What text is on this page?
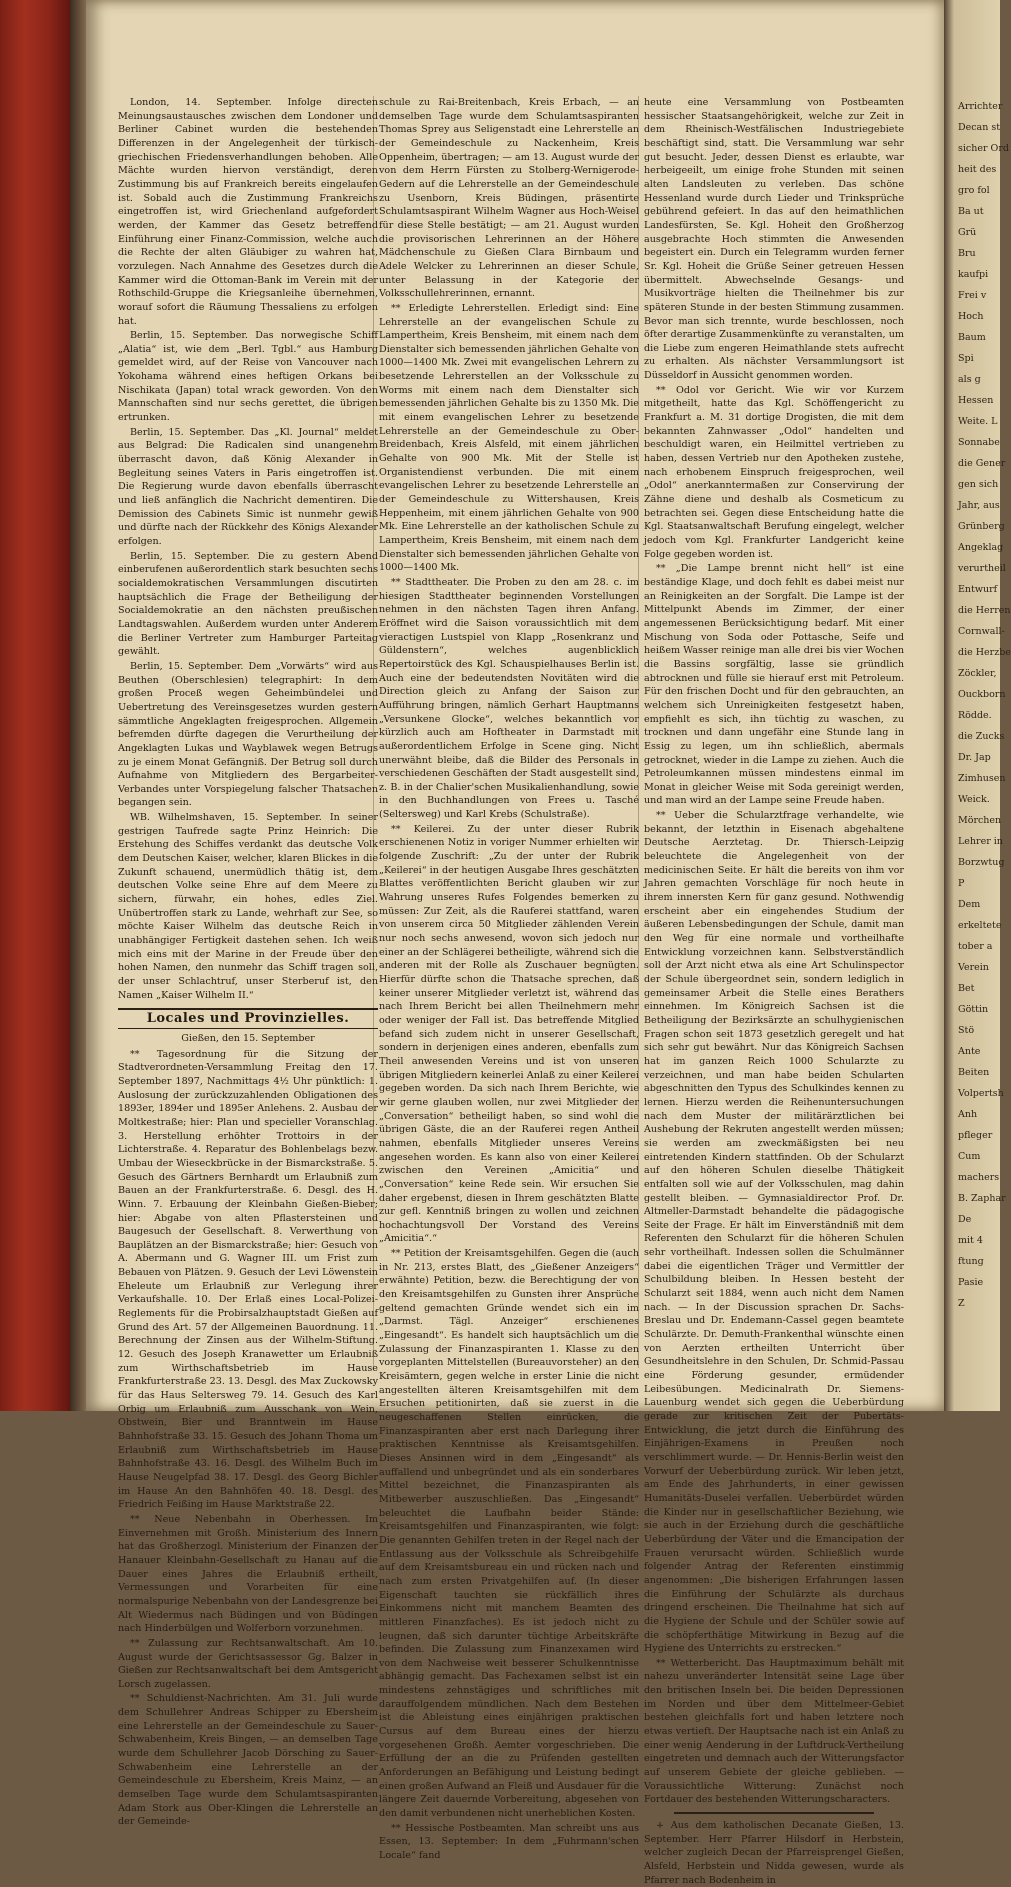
London, 14. September. Infolge directen Meinungsaustausches zwischen dem Londoner und Berliner Cabinet wurden die bestehenden Differenzen in der Angelegenheit der türkisch-griechischen Friedensverhandlungen behoben. Alle Mächte wurden hiervon verständigt, deren Zustimmung bis auf Frankreich bereits eingelaufen ist. Sobald auch die Zustimmung Frankreichs eingetroffen ist, wird Griechenland aufgefordert werden, der Kammer das Gesetz betreffend Einführung einer Finanz-Commission, welche auch die Rechte der alten Gläubiger zu wahren hat, vorzulegen. Nach Annahme des Gesetzes durch die Kammer wird die Ottoman-Bank im Verein mit der Rothschild-Gruppe die Kriegsanleihe übernehmen, worauf sofort die Räumung Thessaliens zu erfolgen hat.

Berlin, 15. September. Das norwegische Schiff „Alatia“ ist, wie dem „Berl. Tgbl.“ aus Hamburg gemeldet wird, auf der Reise von Vancouver nach Yokohama während eines heftigen Orkans bei Nischikata (Japan) total wrack geworden. Von den Mannschaften sind nur sechs gerettet, die übrigen ertrunken.

Berlin, 15. September. Das „Kl. Journal“ meldet aus Belgrad: Die Radicalen sind unangenehm überrascht davon, daß König Alexander in Begleitung seines Vaters in Paris eingetroffen ist. Die Regierung wurde davon ebenfalls überrascht und ließ anfänglich die Nachricht dementiren. Die Demission des Cabinets Simic ist nunmehr gewiß und dürfte nach der Rückkehr des Königs Alexander erfolgen.

Berlin, 15. September. Die zu gestern Abend einberufenen außerordentlich stark besuchten sechs socialdemokratischen Versammlungen discutirten hauptsächlich die Frage der Betheiligung der Socialdemokratie an den nächsten preußischen Landtagswahlen. Außerdem wurden unter Anderem die Berliner Vertreter zum Hamburger Parteitag gewählt.

Berlin, 15. September. Dem „Vorwärts“ wird aus Beuthen (Oberschlesien) telegraphirt: In dem großen Proceß wegen Geheimbündelei und Uebertretung des Vereinsgesetzes wurden gestern sämmtliche Angeklagten freigesprochen. Allgemein befremden dürfte dagegen die Verurtheilung der Angeklagten Lukas und Wayblawek wegen Betrugs zu je einem Monat Gefängniß. Der Betrug soll durch Aufnahme von Mitgliedern des Bergarbeiter-Verbandes unter Vorspiegelung falscher Thatsachen begangen sein.

WB. Wilhelmshaven, 15. September. In seiner gestrigen Taufrede sagte Prinz Heinrich: Die Erstehung des Schiffes verdankt das deutsche Volk dem Deutschen Kaiser, welcher, klaren Blickes in die Zukunft schauend, unermüdlich thätig ist, dem deutschen Volke seine Ehre auf dem Meere zu sichern, fürwahr, ein hohes, edles Ziel. Unübertroffen stark zu Lande, wehrhaft zur See, so möchte Kaiser Wilhelm das deutsche Reich in unabhängiger Fertigkeit dastehen sehen. Ich weiß mich eins mit der Marine in der Freude über den hohen Namen, den nunmehr das Schiff tragen soll, der unser Schlachtruf, unser Sterberuf ist, den Namen „Kaiser Wilhelm II.“

Locales und Provinzielles.
Gießen, den 15. September

** Tagesordnung für die Sitzung der Stadtverordneten-Versammlung Freitag den 17. September 1897, Nachmittags 4½ Uhr pünktlich: 1. Auslosung der zurückzuzahlenden Obligationen des 1893er, 1894er und 1895er Anlehens. 2. Ausbau der Moltkestraße; hier: Plan und specieller Voranschlag. 3. Herstellung erhöhter Trottoirs in der Lichterstraße. 4. Reparatur des Bohlenbelags bezw. Umbau der Wieseckbrücke in der Bismarckstraße. 5. Gesuch des Gärtners Bernhardt um Erlaubniß zum Bauen an der Frankfurterstraße. 6. Desgl. des H. Winn. 7. Erbauung der Kleinbahn Gießen-Bieber; hier: Abgabe von alten Pflastersteinen und Baugesuch der Gesellschaft. 8. Verwerthung von Bauplätzen an der Bismarckstraße; hier: Gesuch von A. Abermann und G. Wagner III. um Frist zum Bebauen von Plätzen. 9. Gesuch der Levi Löwenstein Eheleute um Erlaubniß zur Verlegung ihrer Verkaufshalle. 10. Der Erlaß eines Local-Polizei-Reglements für die Probirsalzhauptstadt Gießen auf Grund des Art. 57 der Allgemeinen Bauordnung. 11. Berechnung der Zinsen aus der Wilhelm-Stiftung. 12. Gesuch des Joseph Kranawetter um Erlaubniß zum Wirthschaftsbetrieb im Hause Frankfurterstraße 23. 13. Desgl. des Max Zuckowsky für das Haus Seltersweg 79. 14. Gesuch des Karl Orbig um Erlaubniß zum Ausschank von Wein, Obstwein, Bier und Branntwein im Hause Bahnhofstraße 33. 15. Gesuch des Johann Thoma um Erlaubniß zum Wirthschaftsbetrieb im Hause Bahnhofstraße 43. 16. Desgl. des Wilhelm Buch im Hause Neugelpfad 38. 17. Desgl. des Georg Bichler im Hause An den Bahnhöfen 40. 18. Desgl. des Friedrich Feißing im Hause Marktstraße 22.

** Neue Nebenbahn in Oberhessen. Im Einvernehmen mit Großh. Ministerium des Innern hat das Großherzogl. Ministerium der Finanzen der Hanauer Kleinbahn-Gesellschaft zu Hanau auf die Dauer eines Jahres die Erlaubniß ertheilt, Vermessungen und Vorarbeiten für eine normalspurige Nebenbahn von der Landesgrenze bei Alt Wiedermus nach Büdingen und von Büdingen nach Hinderbülgen und Wolferborn vorzunehmen.

** Zulassung zur Rechtsanwaltschaft. Am 10. August wurde der Gerichtsassessor Gg. Balzer in Gießen zur Rechtsanwaltschaft bei dem Amtsgericht Lorsch zugelassen.

** Schuldienst-Nachrichten. Am 31. Juli wurde dem Schullehrer Andreas Schipper zu Ebersheim eine Lehrerstelle an der Gemeindeschule zu Sauer-Schwabenheim, Kreis Bingen, — an demselben Tage wurde dem Schullehrer Jacob Dörsching zu Sauer-Schwabenheim eine Lehrerstelle an der Gemeindeschule zu Ebersheim, Kreis Mainz, — an demselben Tage wurde dem Schulamtsaspiranten Adam Stork aus Ober-Klingen die Lehrerstelle an der Gemeinde-

schule zu Rai-Breitenbach, Kreis Erbach, — an demselben Tage wurde dem Schulamtsaspiranten Thomas Sprey aus Seligenstadt eine Lehrerstelle an der Gemeindeschule zu Nackenheim, Kreis Oppenheim, übertragen; — am 13. August wurde der von dem Herrn Fürsten zu Stolberg-Wernigerode-Gedern auf die Lehrerstelle an der Gemeindeschule zu Usenborn, Kreis Büdingen, präsentirte Schulamtsaspirant Wilhelm Wagner aus Hoch-Weisel für diese Stelle bestätigt; — am 21. August wurden die provisorischen Lehrerinnen an der Höhere Mädchenschule zu Gießen Clara Birnbaum und Adele Welcker zu Lehrerinnen an dieser Schule, unter Belassung in der Kategorie der Volksschullehrerinnen, ernannt.

** Erledigte Lehrerstellen. Erledigt sind: Eine Lehrerstelle an der evangelischen Schule zu Lampertheim, Kreis Bensheim, mit einem nach dem Dienstalter sich bemessenden jährlichen Gehalte von 1000—1400 Mk. Zwei mit evangelischen Lehrern zu besetzende Lehrerstellen an der Volksschule zu Worms mit einem nach dem Dienstalter sich bemessenden jährlichen Gehalte bis zu 1350 Mk. Die mit einem evangelischen Lehrer zu besetzende Lehrerstelle an der Gemeindeschule zu Ober-Breidenbach, Kreis Alsfeld, mit einem jährlichen Gehalte von 900 Mk. Mit der Stelle ist Organistendienst verbunden. Die mit einem evangelischen Lehrer zu besetzende Lehrerstelle an der Gemeindeschule zu Wittershausen, Kreis Heppenheim, mit einem jährlichen Gehalte von 900 Mk. Eine Lehrerstelle an der katholischen Schule zu Lampertheim, Kreis Bensheim, mit einem nach dem Dienstalter sich bemessenden jährlichen Gehalte von 1000—1400 Mk.

** Stadttheater. Die Proben zu den am 28. c. im hiesigen Stadttheater beginnenden Vorstellungen nehmen in den nächsten Tagen ihren Anfang. Eröffnet wird die Saison voraussichtlich mit dem vieractigen Lustspiel von Klapp „Rosenkranz und Güldenstern“, welches augenblicklich Repertoirstück des Kgl. Schauspielhauses Berlin ist. Auch eine der bedeutendsten Novitäten wird die Direction gleich zu Anfang der Saison zur Aufführung bringen, nämlich Gerhart Hauptmanns „Versunkene Glocke“, welches bekanntlich vor kürzlich auch am Hoftheater in Darmstadt mit außerordentlichem Erfolge in Scene ging. Nicht unerwähnt bleibe, daß die Bilder des Personals in verschiedenen Geschäften der Stadt ausgestellt sind, z. B. in der Chalier'schen Musikalienhandlung, sowie in den Buchhandlungen von Frees u. Tasché (Seltersweg) und Karl Krebs (Schulstraße).

** Keilerei. Zu der unter dieser Rubrik erschienenen Notiz in voriger Nummer erhielten wir folgende Zuschrift: „Zu der unter der Rubrik „Keilerei“ in der heutigen Ausgabe Ihres geschätzten Blattes veröffentlichten Bericht glauben wir zur Wahrung unseres Rufes Folgendes bemerken zu müssen: Zur Zeit, als die Rauferei stattfand, waren von unserem circa 50 Mitglieder zählenden Verein nur noch sechs anwesend, wovon sich jedoch nur einer an der Schlägerei betheiligte, während sich die anderen mit der Rolle als Zuschauer begnügten. Hierfür dürfte schon die Thatsache sprechen, daß keiner unserer Mitglieder verletzt ist, während das nach Ihrem Bericht bei allen Theilnehmern mehr oder weniger der Fall ist. Das betreffende Mitglied befand sich zudem nicht in unserer Gesellschaft, sondern in derjenigen eines anderen, ebenfalls zum Theil anwesenden Vereins und ist von unseren übrigen Mitgliedern keinerlei Anlaß zu einer Keilerei gegeben worden. Da sich nach Ihrem Berichte, wie wir gerne glauben wollen, nur zwei Mitglieder der „Conversation“ betheiligt haben, so sind wohl die übrigen Gäste, die an der Rauferei regen Antheil nahmen, ebenfalls Mitglieder unseres Vereins angesehen worden. Es kann also von einer Keilerei zwischen den Vereinen „Amicitia“ und „Conversation“ keine Rede sein. Wir ersuchen Sie daher ergebenst, diesen in Ihrem geschätzten Blatte zur gefl. Kenntniß bringen zu wollen und zeichnen hochachtungsvoll Der Vorstand des Vereins „Amicitia“.“

** Petition der Kreisamtsgehilfen. Gegen die (auch in Nr. 213, erstes Blatt, des „Gießener Anzeigers“ erwähnte) Petition, bezw. die Berechtigung der von den Kreisamtsgehilfen zu Gunsten ihrer Ansprüche geltend gemachten Gründe wendet sich ein im „Darmst. Tägl. Anzeiger“ erschienenes „Eingesandt“. Es handelt sich hauptsächlich um die Zulassung der Finanzaspiranten 1. Klasse zu den vorgeplanten Mittelstellen (Bureauvorsteher) an den Kreisämtern, gegen welche in erster Linie die nicht angestellten älteren Kreisamtsgehilfen mit dem Ersuchen petitionirten, daß sie zuerst in die neugeschaffenen Stellen einrücken, die Finanzaspiranten aber erst nach Darlegung ihrer praktischen Kenntnisse als Kreisamtsgehilfen. Dieses Ansinnen wird in dem „Eingesandt“ als auffallend und unbegründet und als ein sonderbares Mittel bezeichnet, die Finanzaspiranten als Mitbewerber auszuschließen. Das „Eingesandt“ beleuchtet die Laufbahn beider Stände: Kreisamtsgehilfen und Finanzaspiranten, wie folgt: Die genannten Gehilfen treten in der Regel nach der Entlassung aus der Volksschule als Schreibgehilfe auf dem Kreisamtsbureau ein und rücken nach und nach zum ersten Privatgehilfen auf. (In dieser Eigenschaft tauchten sie rückfällich ihres Einkommens nicht mit manchem Beamten des mittleren Finanzfaches). Es ist jedoch nicht zu leugnen, daß sich darunter tüchtige Arbeitskräfte befinden. Die Zulassung zum Finanzexamen wird von dem Nachweise weit besserer Schulkenntnisse abhängig gemacht. Das Fachexamen selbst ist ein mindestens zehnstägiges und schriftliches mit darauffolgendem mündlichen. Nach dem Bestehen ist die Ableistung eines einjährigen praktischen Cursus auf dem Bureau eines der hierzu vorgesehenen Großh. Aemter vorgeschrieben. Die Erfüllung der an die zu Prüfenden gestellten Anforderungen an Befähigung und Leistung bedingt einen großen Aufwand an Fleiß und Ausdauer für die längere Zeit dauernde Vorbereitung, abgesehen von den damit verbundenen nicht unerheblichen Kosten.

** Hessische Postbeamten. Man schreibt uns aus Essen, 13. September: In dem „Fuhrmann'schen Locale“ fand

heute eine Versammlung von Postbeamten hessischer Staatsangehörigkeit, welche zur Zeit in dem Rheinisch-Westfälischen Industriegebiete beschäftigt sind, statt. Die Versammlung war sehr gut besucht. Jeder, dessen Dienst es erlaubte, war herbeigeeilt, um einige frohe Stunden mit seinen alten Landsleuten zu verleben. Das schöne Hessenland wurde durch Lieder und Trinksprüche gebührend gefeiert. In das auf den heimathlichen Landesfürsten, Se. Kgl. Hoheit den Großherzog ausgebrachte Hoch stimmten die Anwesenden begeistert ein. Durch ein Telegramm wurden ferner Sr. Kgl. Hoheit die Grüße Seiner getreuen Hessen übermittelt. Abwechselnde Gesangs- und Musikvorträge hielten die Theilnehmer bis zur späteren Stunde in der besten Stimmung zusammen. Bevor man sich trennte, wurde beschlossen, noch öfter derartige Zusammenkünfte zu veranstalten, um die Liebe zum engeren Heimathlande stets aufrecht zu erhalten. Als nächster Versammlungsort ist Düsseldorf in Aussicht genommen worden.

** Odol vor Gericht. Wie wir vor Kurzem mitgetheilt, hatte das Kgl. Schöffengericht zu Frankfurt a. M. 31 dortige Drogisten, die mit dem bekannten Zahnwasser „Odol“ handelten und beschuldigt waren, ein Heilmittel vertrieben zu haben, dessen Vertrieb nur den Apotheken zustehe, nach erhobenem Einspruch freigesprochen, weil „Odol“ anerkanntermaßen zur Conservirung der Zähne diene und deshalb als Cosmeticum zu betrachten sei. Gegen diese Entscheidung hatte die Kgl. Staatsanwaltschaft Berufung eingelegt, welcher jedoch vom Kgl. Frankfurter Landgericht keine Folge gegeben worden ist.

** „Die Lampe brennt nicht hell“ ist eine beständige Klage, und doch fehlt es dabei meist nur an Reinigkeiten an der Sorgfalt. Die Lampe ist der Mittelpunkt Abends im Zimmer, der einer angemessenen Berücksichtigung bedarf. Mit einer Mischung von Soda oder Pottasche, Seife und heißem Wasser reinige man alle drei bis vier Wochen die Bassins sorgfältig, lasse sie gründlich abtrocknen und fülle sie hierauf erst mit Petroleum. Für den frischen Docht und für den gebrauchten, an welchem sich Unreinigkeiten festgesetzt haben, empfiehlt es sich, ihn tüchtig zu waschen, zu trocknen und dann ungefähr eine Stunde lang in Essig zu legen, um ihn schließlich, abermals getrocknet, wieder in die Lampe zu ziehen. Auch die Petroleumkannen müssen mindestens einmal im Monat in gleicher Weise mit Soda gereinigt werden, und man wird an der Lampe seine Freude haben.

** Ueber die Schularztfrage verhandelte, wie bekannt, der letzthin in Eisenach abgehaltene Deutsche Aerztetag. Dr. Thiersch-Leipzig beleuchtete die Angelegenheit von der medicinischen Seite. Er hält die bereits von ihm vor Jahren gemachten Vorschläge für noch heute in ihrem innersten Kern für ganz gesund. Nothwendig erscheint aber ein eingehendes Studium der äußeren Lebensbedingungen der Schule, damit man den Weg für eine normale und vortheilhafte Entwicklung vorzeichnen kann. Selbstverständlich soll der Arzt nicht etwa als eine Art Schulinspector der Schule übergeordnet sein, sondern lediglich in gemeinsamer Arbeit die Stelle eines Berathers einnehmen. Im Königreich Sachsen ist die Betheiligung der Bezirksärzte an schulhygienischen Fragen schon seit 1873 gesetzlich geregelt und hat sich sehr gut bewährt. Nur das Königreich Sachsen hat im ganzen Reich 1000 Schularzte zu verzeichnen, und man habe beiden Schularten abgeschnitten den Typus des Schulkindes kennen zu lernen. Hierzu werden die Reihenuntersuchungen nach dem Muster der militärärztlichen bei Aushebung der Rekruten angestellt werden müssen; sie werden am zweckmäßigsten bei neu eintretenden Kindern stattfinden. Ob der Schularzt auf den höheren Schulen dieselbe Thätigkeit entfalten soll wie auf der Volksschulen, mag dahin gestellt bleiben. — Gymnasialdirector Prof. Dr. Altmeller-Darmstadt behandelte die pädagogische Seite der Frage. Er hält im Einverständniß mit dem Referenten den Schularzt für die höheren Schulen sehr vortheilhaft. Indessen sollen die Schulmänner dabei die eigentlichen Träger und Vermittler der Schulbildung bleiben. In Hessen besteht der Schularzt seit 1884, wenn auch nicht dem Namen nach. — In der Discussion sprachen Dr. Sachs-Breslau und Dr. Endemann-Cassel gegen beamtete Schulärzte. Dr. Demuth-Frankenthal wünschte einen von Aerzten ertheilten Unterricht über Gesundheitslehre in den Schulen, Dr. Schmid-Passau eine Förderung gesunder, ermüdender Leibesübungen. Medicinalrath Dr. Siemens-Lauenburg wendet sich gegen die Ueberbürdung gerade zur kritischen Zeit der Pubertäts-Entwicklung, die jetzt durch die Einführung des Einjährigen-Examens in Preußen noch verschlimmert wurde. — Dr. Hennis-Berlin weist den Vorwurf der Ueberbürdung zurück. Wir leben jetzt, am Ende des Jahrhunderts, in einer gewissen Humanitäts-Duselei verfallen. Ueberbürdet würden die Kinder nur in gesellschaftlicher Beziehung, wie sie auch in der Erziehung durch die geschäftliche Ueberbürdung der Väter und die Emancipation der Frauen verursacht würden. Schließlich wurde folgender Antrag der Referenten einstimmig angenommen: „Die bisherigen Erfahrungen lassen die Einführung der Schulärzte als durchaus dringend erscheinen. Die Theilnahme hat sich auf die Hygiene der Schule und der Schüler sowie auf die schöpferthätige Mitwirkung in Bezug auf die Hygiene des Unterrichts zu erstrecken.“

** Wetterbericht. Das Hauptmaximum behält mit nahezu unveränderter Intensität seine Lage über den britischen Inseln bei. Die beiden Depressionen im Norden und über dem Mittelmeer-Gebiet bestehen gleichfalls fort und haben letztere noch etwas vertieft. Der Hauptsache nach ist ein Anlaß zu einer wenig Aenderung in der Luftdruck-Vertheilung eingetreten und demnach auch der Witterungsfactor auf unserem Gebiete der gleiche geblieben. — Voraussichtliche Witterung: Zunächst noch Fortdauer des bestehenden Witterungscharacters.

+ Aus dem katholischen Decanate Gießen, 13. September. Herr Pfarrer Hilsdorf in Herbstein, welcher zugleich Decan der Pfarreisprengel Gießen, Alsfeld, Herbstein und Nidda gewesen, wurde als Pfarrer nach Bodenheim in

Arrichter
Decan st
sicher Ord
heit des
gro fol
Ba ut
Grü
Bru
kaufpi
Frei v
Hoch
Baum
Spi
als g
Hessen
Weite. L
Sonnabe
die Gener
gen sich
Jahr, aus
Grünberg
Angeklag
verurtheil
Entwurf
die Herren
Cornwall-
die Herzbe
Zöckler,
Ouckborn
Rödde.
die Zucks
Dr. Jap
Zimhusen
Weick.
Mörchen
Lehrer in
Borzwtug
P
Dem
erkeltete
tober a
Verein
Bet
Göttin
Stö
Ante
Beiten
Volpertsh
Anh
pfleger
Cum
machers
B. Zaphar
De
mit 4
ftung
Pasie
Z
